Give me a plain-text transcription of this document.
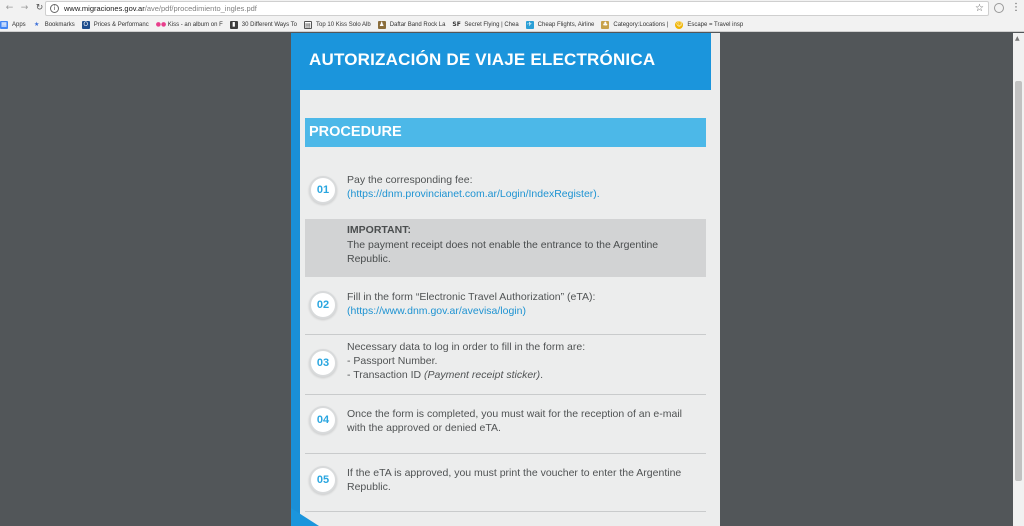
← → ↻	i	www.migraciones.gov.ar/ave/pdf/procedimiento_ingles.pdf	☆	⋮
▦ Apps ★ Bookmarks O Prices & Performanc ●● Kiss - an album on F	▮	30 Different Ways To ▤ Top 10 Kiss Solo Alb ♟ Daftar Band Rock La SF Secret Flying | Chea ✈ Cheap Flights, Airline ♣ Category:Locations | ☺ Escape = Travel insp
▲
AUTORIZACIÓN DE VIAJE ELECTRÓNICA
PROCEDURE
01
Pay the corresponding fee:
(https://dnm.provincianet.com.ar/Login/IndexRegister).
IMPORTANT:
The payment receipt does not enable the entrance to the Argentine Republic.
02
Fill in the form “Electronic Travel Authorization” (eTA):
(https://www.dnm.gov.ar/avevisa/login)
03
Necessary data to log in order to fill in the form are:
- Passport Number.
- Transaction ID (Payment receipt sticker).
04	Once the form is completed, you must wait for the reception of an e-mail with the approved or denied eTA.
05
If the eTA is approved, you must print the voucher to enter the Argentine Republic.
